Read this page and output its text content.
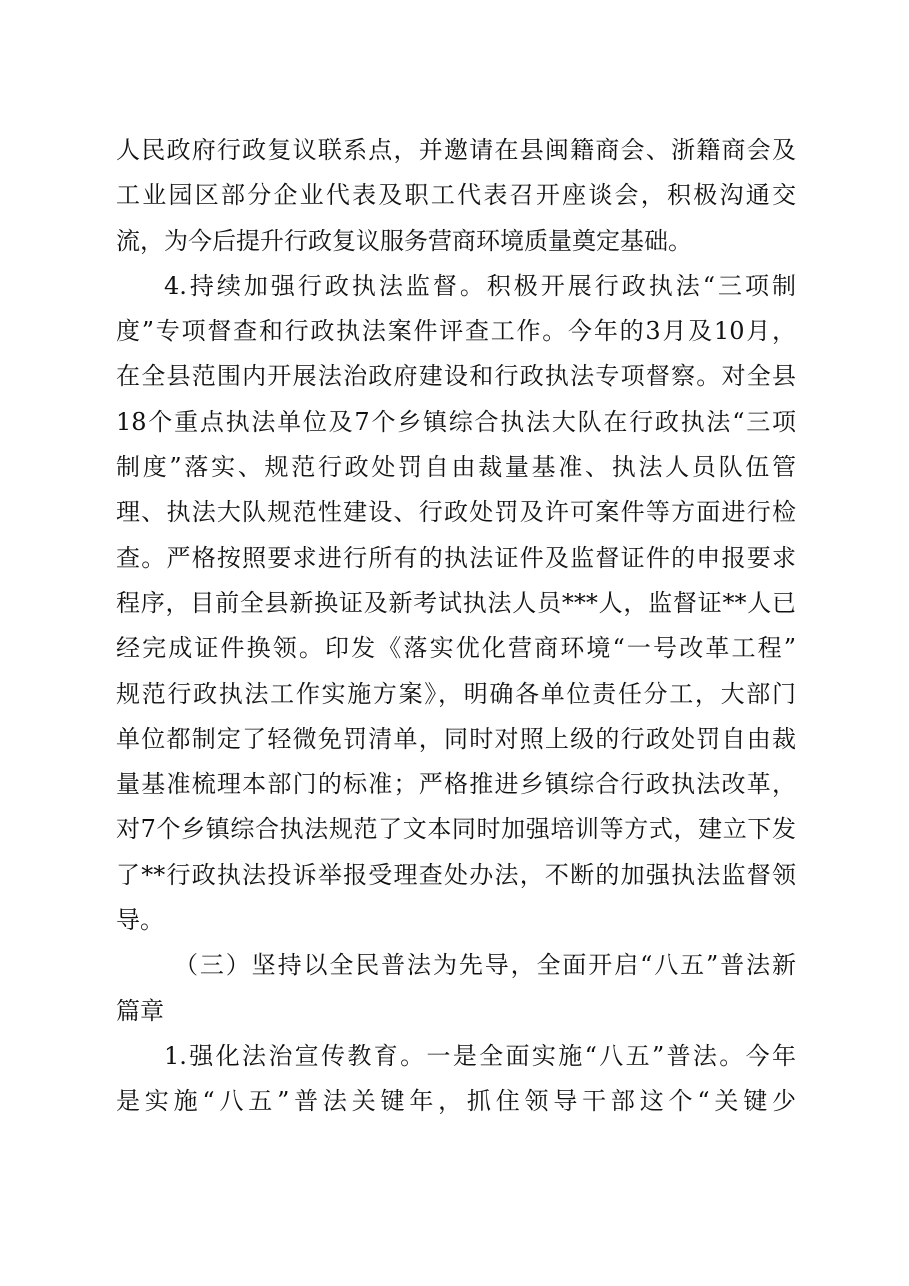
人民政府行政复议联系点，并邀请在县闽籍商会、浙籍商会及
工业园区部分企业代表及职工代表召开座谈会，积极沟通交
流，为今后提升行政复议服务营商环境质量奠定基础。
4.持续加强行政执法监督。积极开展行政执法“三项制
度”专项督查和行政执法案件评查工作。今年的3月及10月，
在全县范围内开展法治政府建设和行政执法专项督察。对全县
18个重点执法单位及7个乡镇综合执法大队在行政执法“三项
制度”落实、规范行政处罚自由裁量基准、执法人员队伍管
理、执法大队规范性建设、行政处罚及许可案件等方面进行检
查。严格按照要求进行所有的执法证件及监督证件的申报要求
程序，目前全县新换证及新考试执法人员***人，监督证**人已
经完成证件换领。印发《落实优化营商环境“一号改革工程”
规范行政执法工作实施方案》，明确各单位责任分工，大部门
单位都制定了轻微免罚清单，同时对照上级的行政处罚自由裁
量基准梳理本部门的标准；严格推进乡镇综合行政执法改革，
对7个乡镇综合执法规范了文本同时加强培训等方式，建立下发
了**行政执法投诉举报受理查处办法，不断的加强执法监督领
导。
（三）坚持以全民普法为先导，全面开启“八五”普法新
篇章
1.强化法治宣传教育。一是全面实施“八五”普法。今年
是实施“八五”普法关键年，抓住领导干部这个“关键少
